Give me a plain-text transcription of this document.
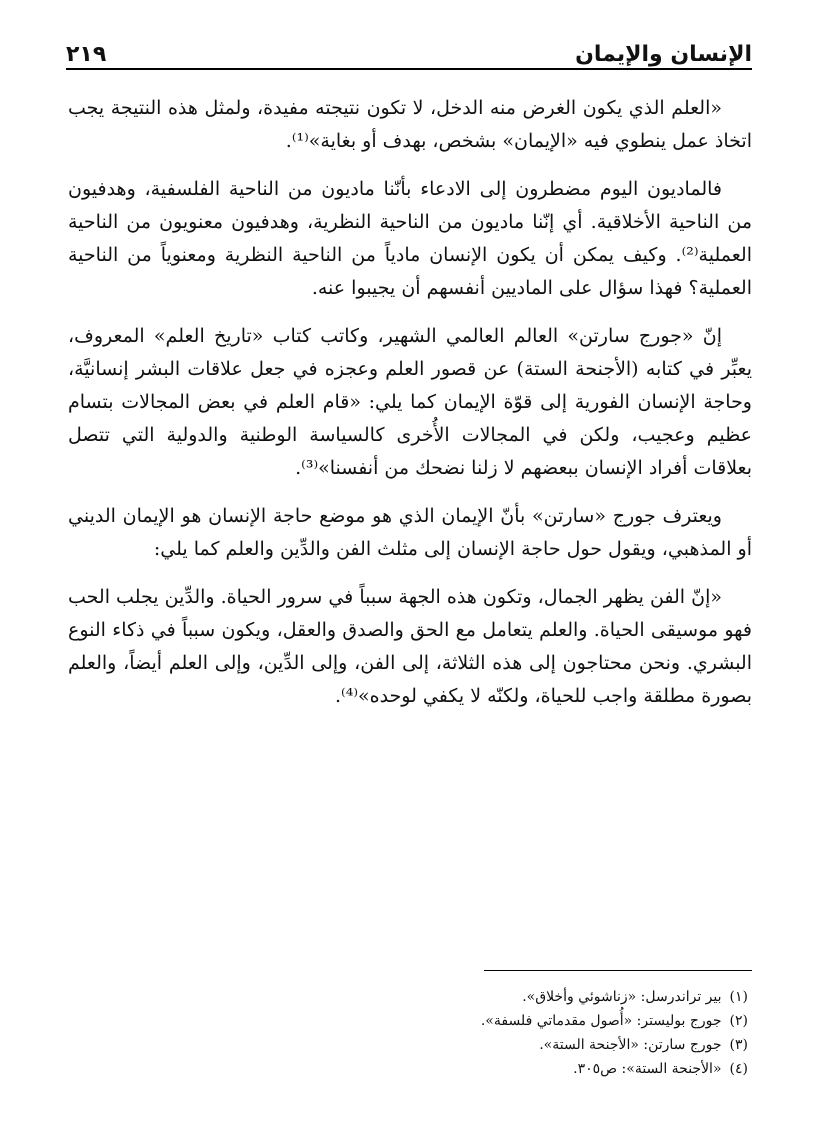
الإنسان والإيمان
٢١٩

«العلم الذي يكون الغرض منه الدخل، لا تكون نتيجته مفيدة، ولمثل هذه النتيجة يجب اتخاذ عمل ينطوي فيه «الإيمان» بشخص، بهدف أو بغاية»⁽¹⁾.

فالماديون اليوم مضطرون إلى الادعاء بأنّنا ماديون من الناحية الفلسفية، وهدفيون من الناحية الأخلاقية. أي إنّنا ماديون من الناحية النظرية، وهدفيون معنويون من الناحية العملية⁽²⁾. وكيف يمكن أن يكون الإنسان مادياً من الناحية النظرية ومعنوياً من الناحية العملية؟ فهذا سؤال على الماديين أنفسهم أن يجيبوا عنه.

إنّ «جورج سارتن» العالم العالمي الشهير، وكاتب كتاب «تاريخ العلم» المعروف، يعبِّر في كتابه (الأجنحة الستة) عن قصور العلم وعجزه في جعل علاقات البشر إنسانيَّة، وحاجة الإنسان الفورية إلى قوّة الإيمان كما يلي: «قام العلم في بعض المجالات بتسام عظيم وعجيب، ولكن في المجالات الأُخرى كالسياسة الوطنية والدولية التي تتصل بعلاقات أفراد الإنسان ببعضهم لا زلنا نضحك من أنفسنا»⁽³⁾.

ويعترف جورج «سارتن» بأنّ الإيمان الذي هو موضع حاجة الإنسان هو الإيمان الديني أو المذهبي، ويقول حول حاجة الإنسان إلى مثلث الفن والدِّين والعلم كما يلي:

«إنّ الفن يظهر الجمال، وتكون هذه الجهة سبباً في سرور الحياة. والدِّين يجلب الحب فهو موسيقى الحياة. والعلم يتعامل مع الحق والصدق والعقل، ويكون سبباً في ذكاء النوع البشري. ونحن محتاجون إلى هذه الثلاثة، إلى الفن، وإلى الدِّين، وإلى العلم أيضاً، والعلم بصورة مطلقة واجب للحياة، ولكنّه لا يكفي لوحده»⁽⁴⁾.

(١)بير تراندرسل: «زناشوئي وأخلاق».
(٢)جورج بوليستر: «أُصول مقدماتي فلسفة».
(٣)جورج سارتن: «الأجنحة الستة».
(٤)«الأجنحة الستة»: ص٣٠٥.
